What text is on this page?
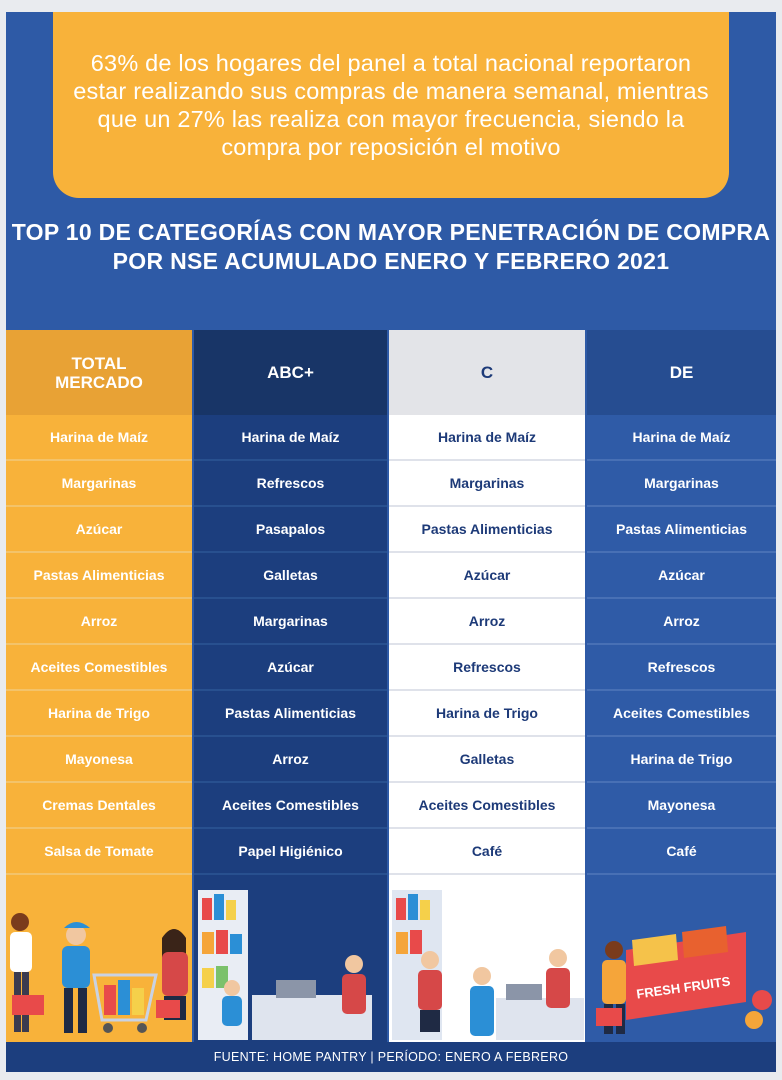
63% de los hogares del panel a total nacional reportaron estar realizando sus compras de manera semanal, mientras que un 27% las realiza con mayor frecuencia, siendo la compra por reposición el motivo

TOP 10 DE CATEGORÍAS CON MAYOR PENETRACIÓN DE COMPRA POR NSE ACUMULADO ENERO Y FEBRERO 2021
TOTAL MERCADO
Harina de Maíz
Margarinas
Azúcar
Pastas Alimenticias
Arroz
Aceites Comestibles
Harina de Trigo
Mayonesa
Cremas Dentales
Salsa de Tomate
ABC+
Harina de Maíz
Refrescos
Pasapalos
Galletas
Margarinas
Azúcar
Pastas Alimenticias
Arroz
Aceites Comestibles
Papel Higiénico
C
Harina de Maíz
Margarinas
Pastas Alimenticias
Azúcar
Arroz
Refrescos
Harina de Trigo
Galletas
Aceites Comestibles
Café
DE
Harina de Maíz
Margarinas
Pastas Alimenticias
Azúcar
Arroz
Refrescos
Aceites Comestibles
Harina de Trigo
Mayonesa
Café
FRESH FRUITS
FUENTE: HOME PANTRY | PERÍODO: ENERO A FEBRERO
